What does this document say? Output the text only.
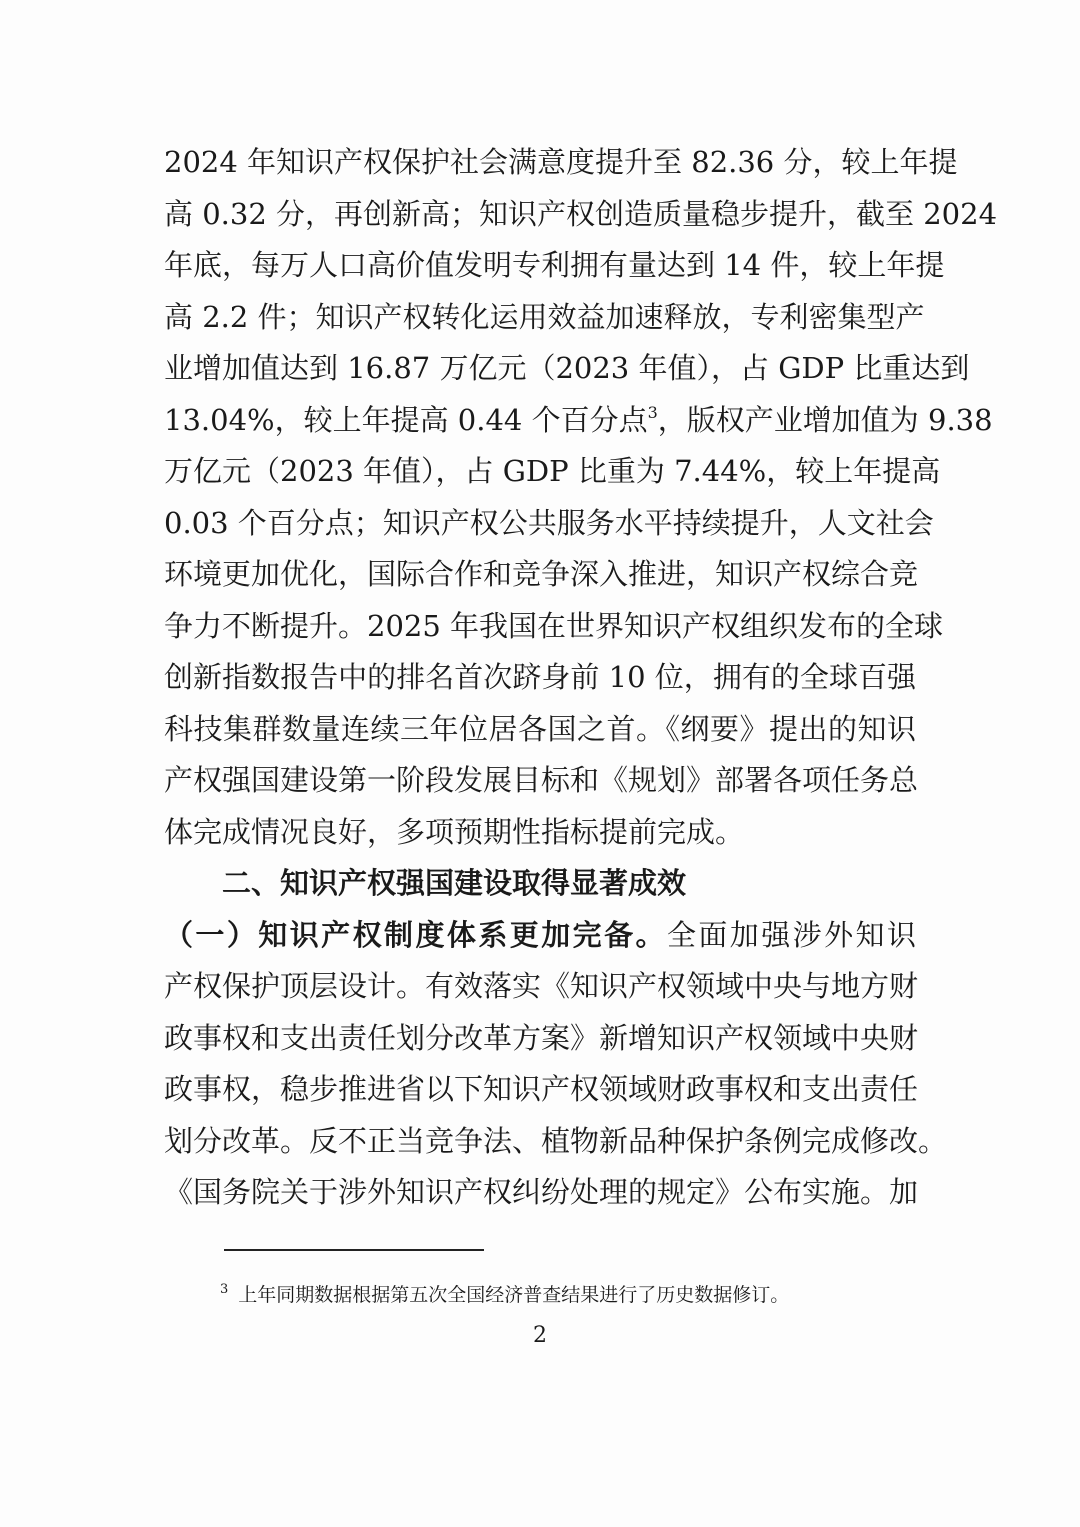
2024 年知识产权保护社会满意度提升至 82.36 分，较上年提
高 0.32 分，再创新高；知识产权创造质量稳步提升，截至 2024
年底，每万人口高价值发明专利拥有量达到 14 件，较上年提
高 2.2 件；知识产权转化运用效益加速释放，专利密集型产
业增加值达到 16.87 万亿元（2023 年值），占 GDP 比重达到
13.04%，较上年提高 0.44 个百分点$^3$，版权产业增加值为 9.38
万亿元（2023 年值），占 GDP 比重为 7.44%，较上年提高
0.03 个百分点；知识产权公共服务水平持续提升，人文社会
环境更加优化，国际合作和竞争深入推进，知识产权综合竞
争力不断提升。2025 年我国在世界知识产权组织发布的全球
创新指数报告中的排名首次跻身前 10 位，拥有的全球百强
科技集群数量连续三年位居各国之首。《纲要》提出的知识
产权强国建设第一阶段发展目标和《规划》部署各项任务总
体完成情况良好，多项预期性指标提前完成。
二、知识产权强国建设取得显著成效
（一）知识产权制度体系更加完备。全面加强涉外知识
产权保护顶层设计。有效落实《知识产权领域中央与地方财
政事权和支出责任划分改革方案》新增知识产权领域中央财
政事权，稳步推进省以下知识产权领域财政事权和支出责任
划分改革。反不正当竞争法、植物新品种保护条例完成修改。
《国务院关于涉外知识产权纠纷处理的规定》公布实施。加
$^3$ 上年同期数据根据第五次全国经济普查结果进行了历史数据修订。
2
